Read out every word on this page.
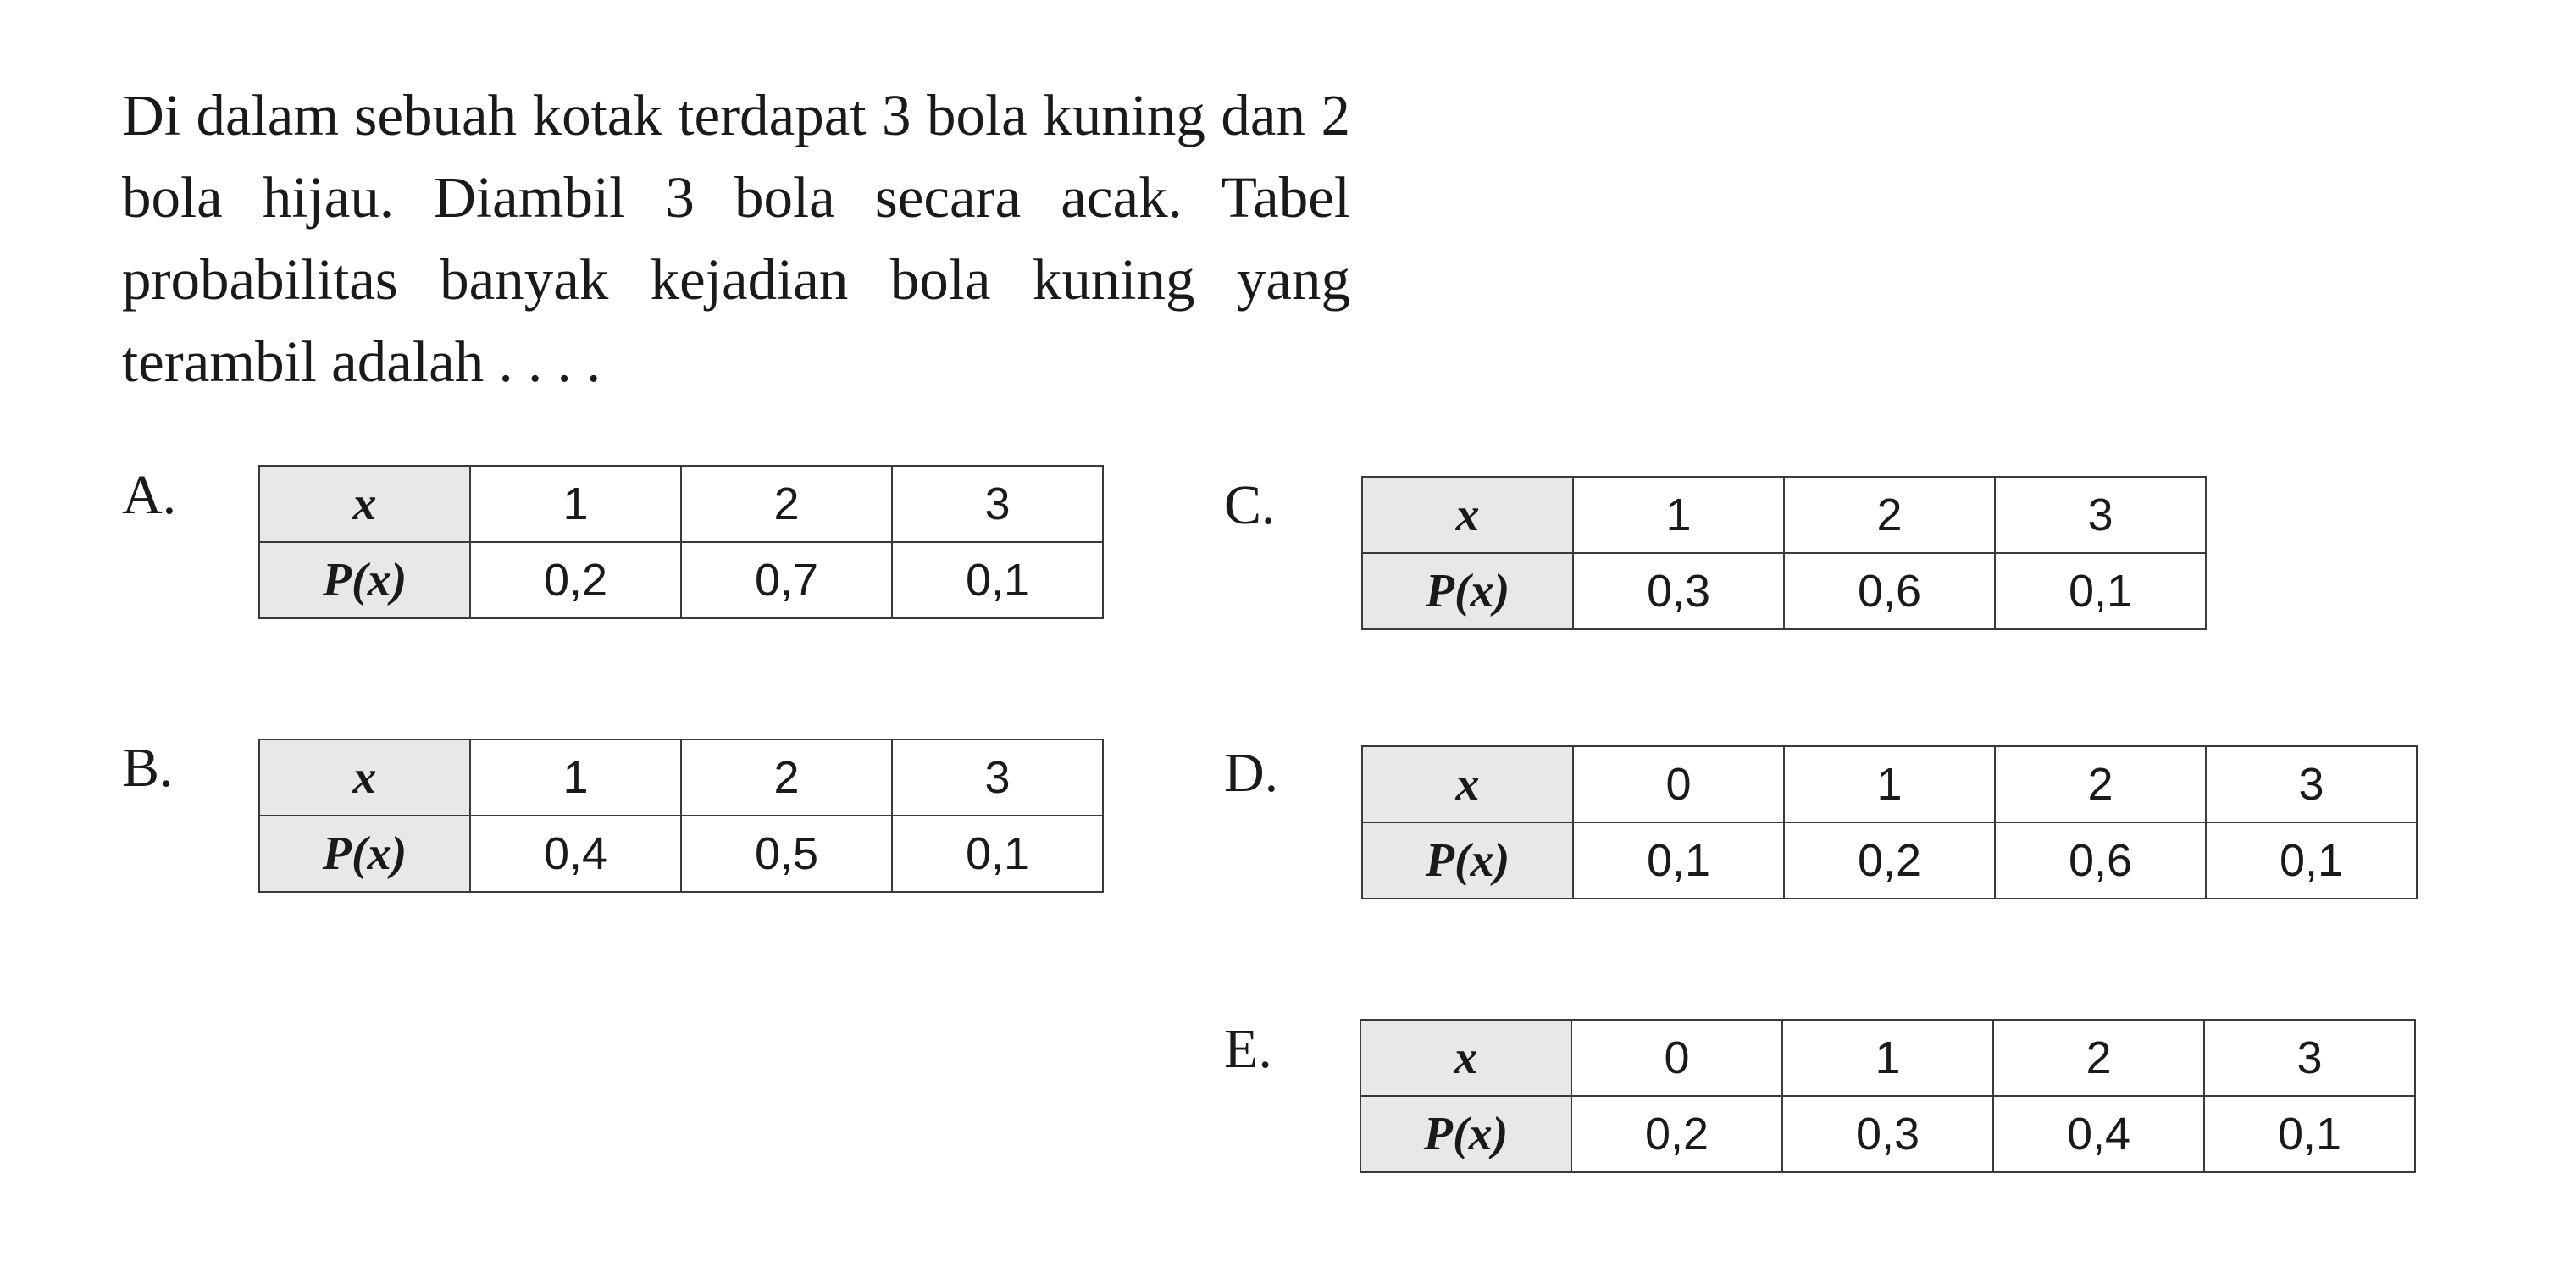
Di dalam sebuah kotak terdapat 3 bola kuning dan 2 bola hijau. Diambil 3 bola secara acak. Tabel probabilitas banyak kejadian bola kuning yang terambil adalah . . . .

A.	x	1	2	3
P(x)	0,2	0,7	0,1
B.	x	1	2	3
P(x)	0,4	0,5	0,1
C.	x	1	2	3
P(x)	0,3	0,6	0,1
D.	x	0	1	2	3
P(x)	0,1	0,2	0,6	0,1
E.	x	0	1	2	3
P(x)	0,2	0,3	0,4	0,1
